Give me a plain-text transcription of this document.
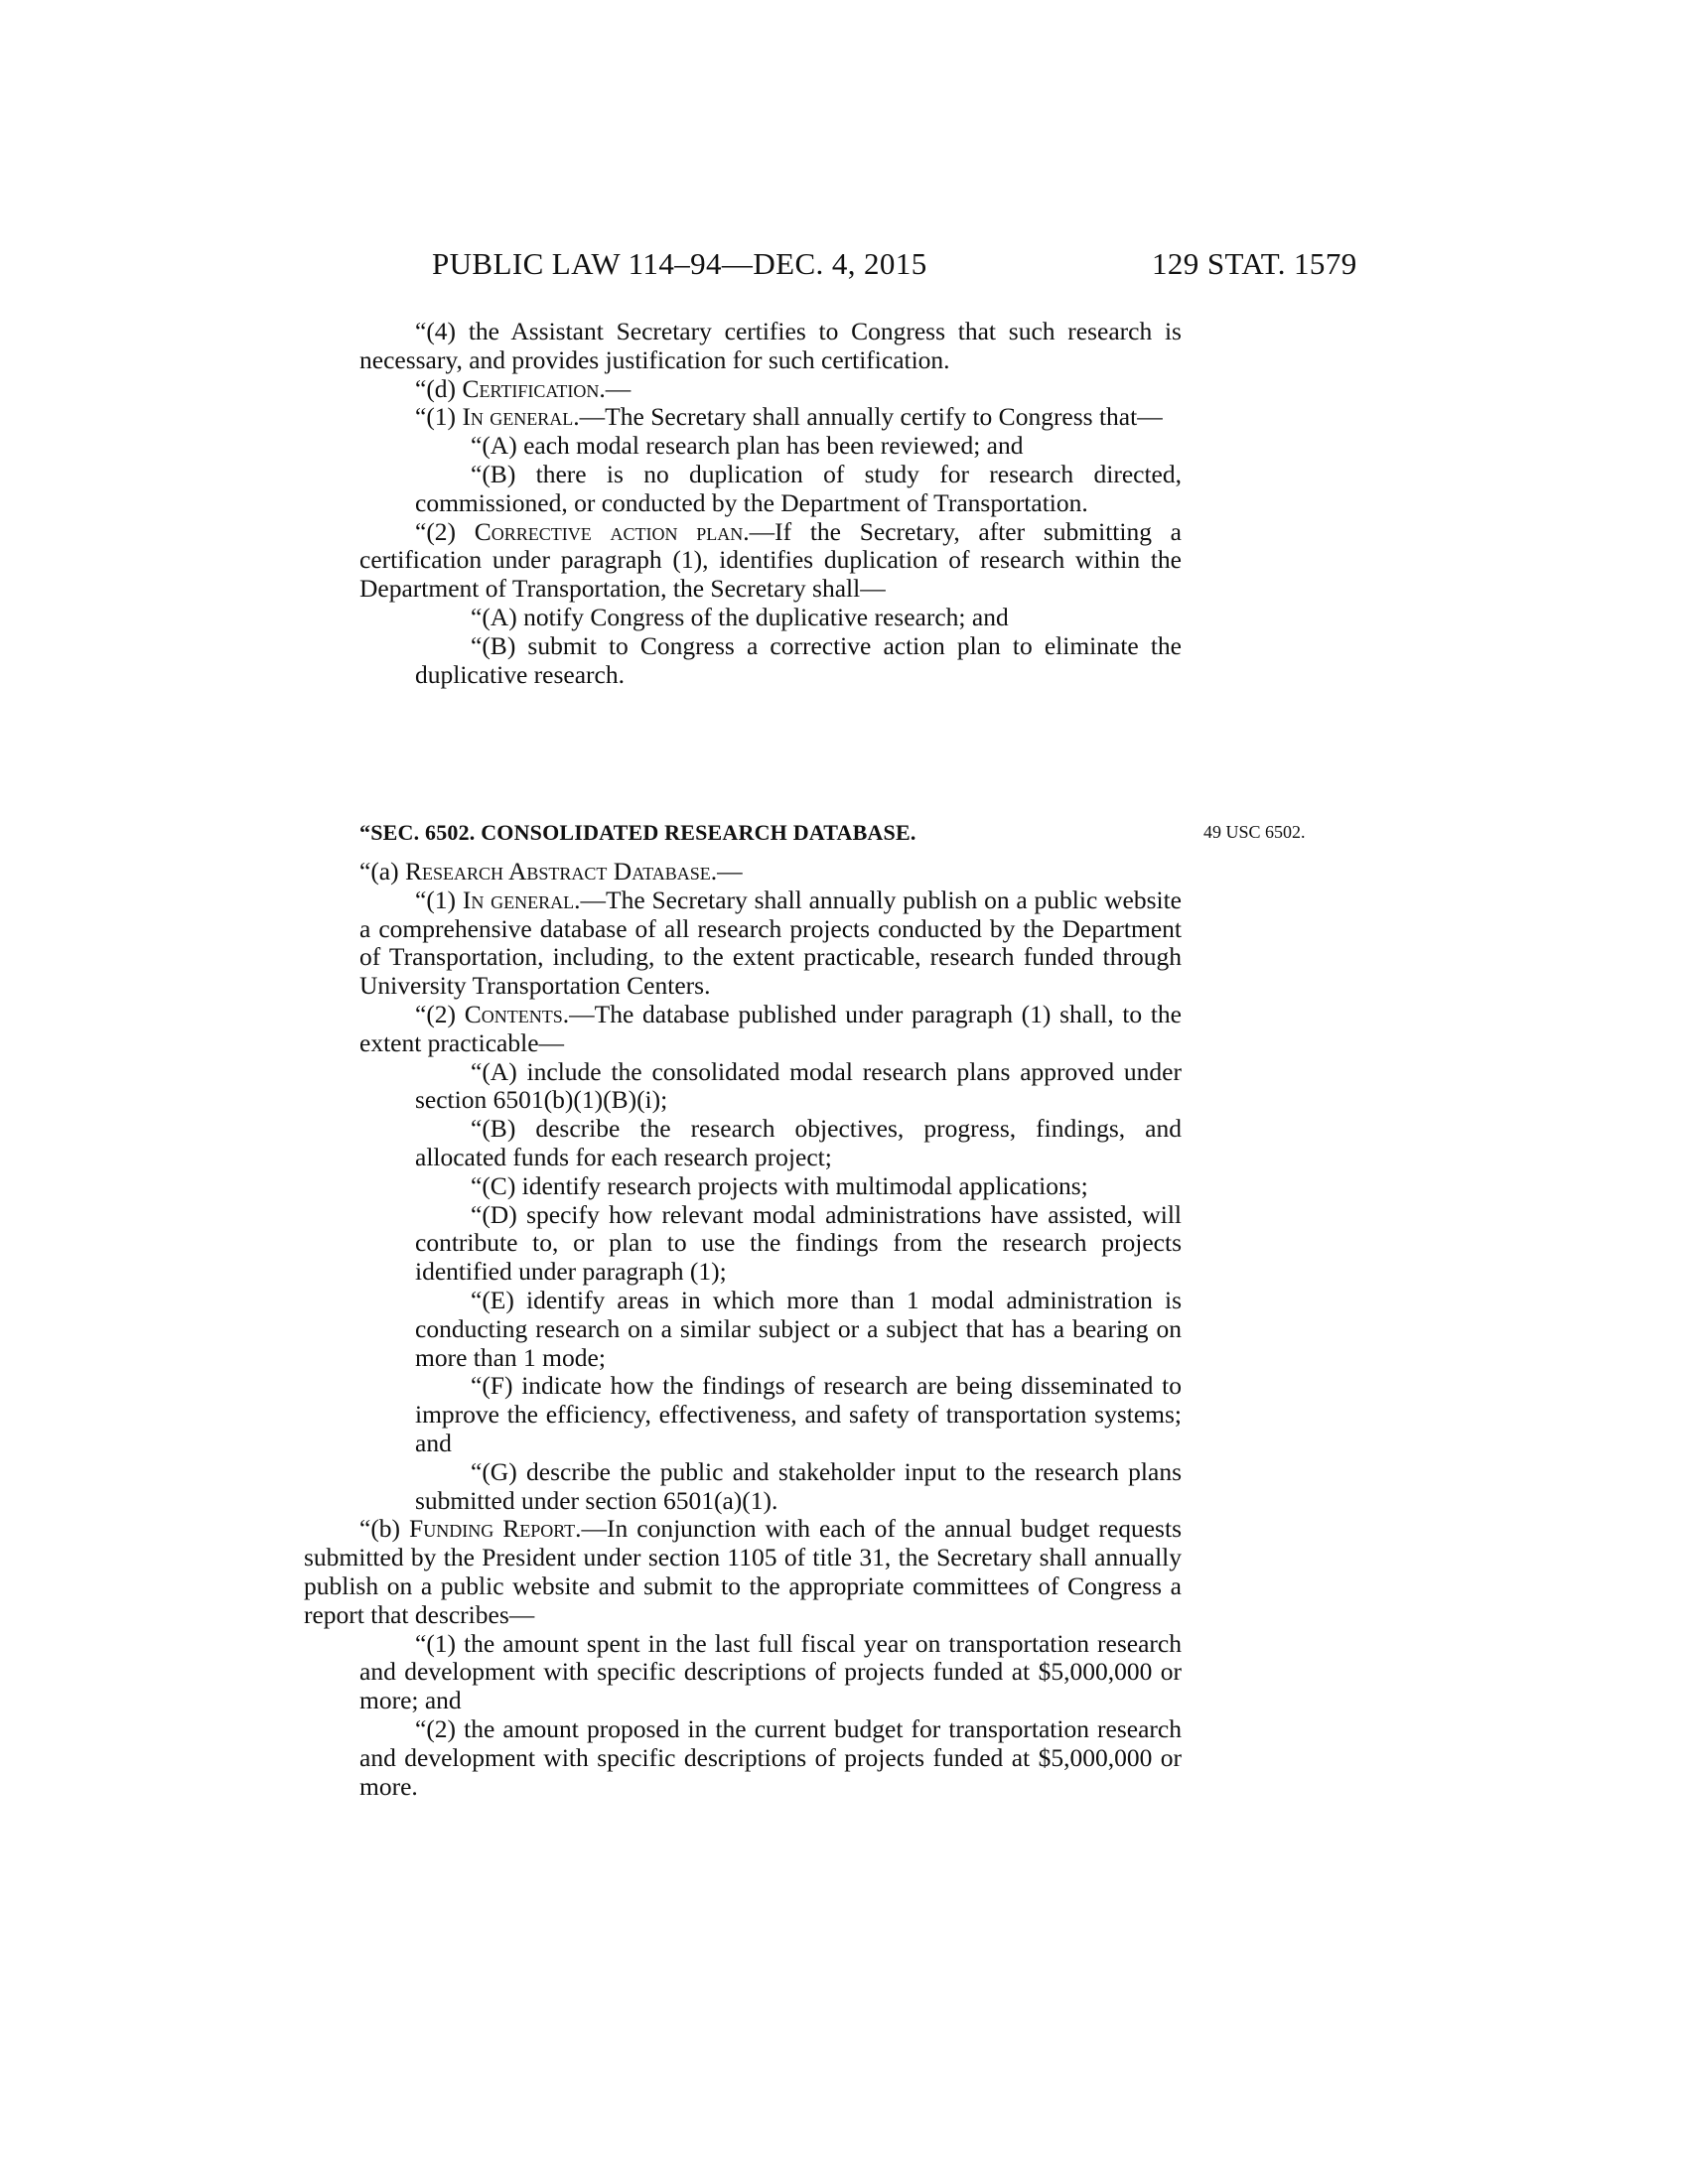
PUBLIC LAW 114–94—DEC. 4, 2015	129 STAT. 1579

“(4) the Assistant Secretary certifies to Congress that such research is necessary, and provides justification for such certification.

“(d) Certification.—

“(1) In general.—The Secretary shall annually certify to Congress that—

“(A) each modal research plan has been reviewed; and

“(B) there is no duplication of study for research directed, commissioned, or conducted by the Department of Transportation.

“(2) Corrective action plan.—If the Secretary, after submitting a certification under paragraph (1), identifies duplication of research within the Department of Transportation, the Secretary shall—

“(A) notify Congress of the duplicative research; and

“(B) submit to Congress a corrective action plan to eliminate the duplicative research.

“SEC. 6502. CONSOLIDATED RESEARCH DATABASE.	49 USC 6502.

“(a) Research Abstract Database.—

“(1) In general.—The Secretary shall annually publish on a public website a comprehensive database of all research projects conducted by the Department of Transportation, including, to the extent practicable, research funded through University Transportation Centers.

“(2) Contents.—The database published under paragraph (1) shall, to the extent practicable—

“(A) include the consolidated modal research plans approved under section 6501(b)(1)(B)(i);

“(B) describe the research objectives, progress, findings, and allocated funds for each research project;

“(C) identify research projects with multimodal applications;

“(D) specify how relevant modal administrations have assisted, will contribute to, or plan to use the findings from the research projects identified under paragraph (1);

“(E) identify areas in which more than 1 modal administration is conducting research on a similar subject or a subject that has a bearing on more than 1 mode;

“(F) indicate how the findings of research are being disseminated to improve the efficiency, effectiveness, and safety of transportation systems; and

“(G) describe the public and stakeholder input to the research plans submitted under section 6501(a)(1).

“(b) Funding Report.—In conjunction with each of the annual budget requests submitted by the President under section 1105 of title 31, the Secretary shall annually publish on a public website and submit to the appropriate committees of Congress a report that describes—

“(1) the amount spent in the last full fiscal year on transportation research and development with specific descriptions of projects funded at $5,000,000 or more; and

“(2) the amount proposed in the current budget for transportation research and development with specific descriptions of projects funded at $5,000,000 or more.
